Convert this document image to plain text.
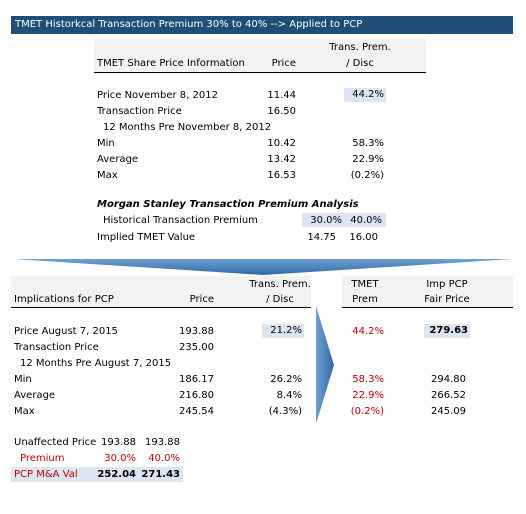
TMET Historkcal Transaction Premium 30% to 40% --> Applied to PCP
TMET Share Price Information	Price
Trans. Prem.
/ Disc
Price November 8, 2012	11.44	44.2%
Transaction Price	16.50
12 Months Pre November 8, 2012
Min	10.42	58.3%
Average	13.42	22.9%
Max	16.53	(0.2%)
Morgan Stanley Transaction Premium Analysis
Historical Transaction Premium	30.0% 40.0%
Implied TMET Value	14.75	16.00
Implications for PCP	Price
Trans. Prem.
/ Disc
TMET
Prem
Imp PCP
Fair Price
Price August 7, 2015	193.88	21.2%	44.2%	279.63
Transaction Price	235.00
12 Months Pre August 7, 2015
Min	186.17	26.2%	58.3%	294.80
Average	216.80	8.4%	22.9%	266.52
Max	245.54	(4.3%)	(0.2%)	245.09
Unaffected Price 193.88 193.88
Premium	30.0%	40.0%
PCP M&A Val	252.04 271.43
